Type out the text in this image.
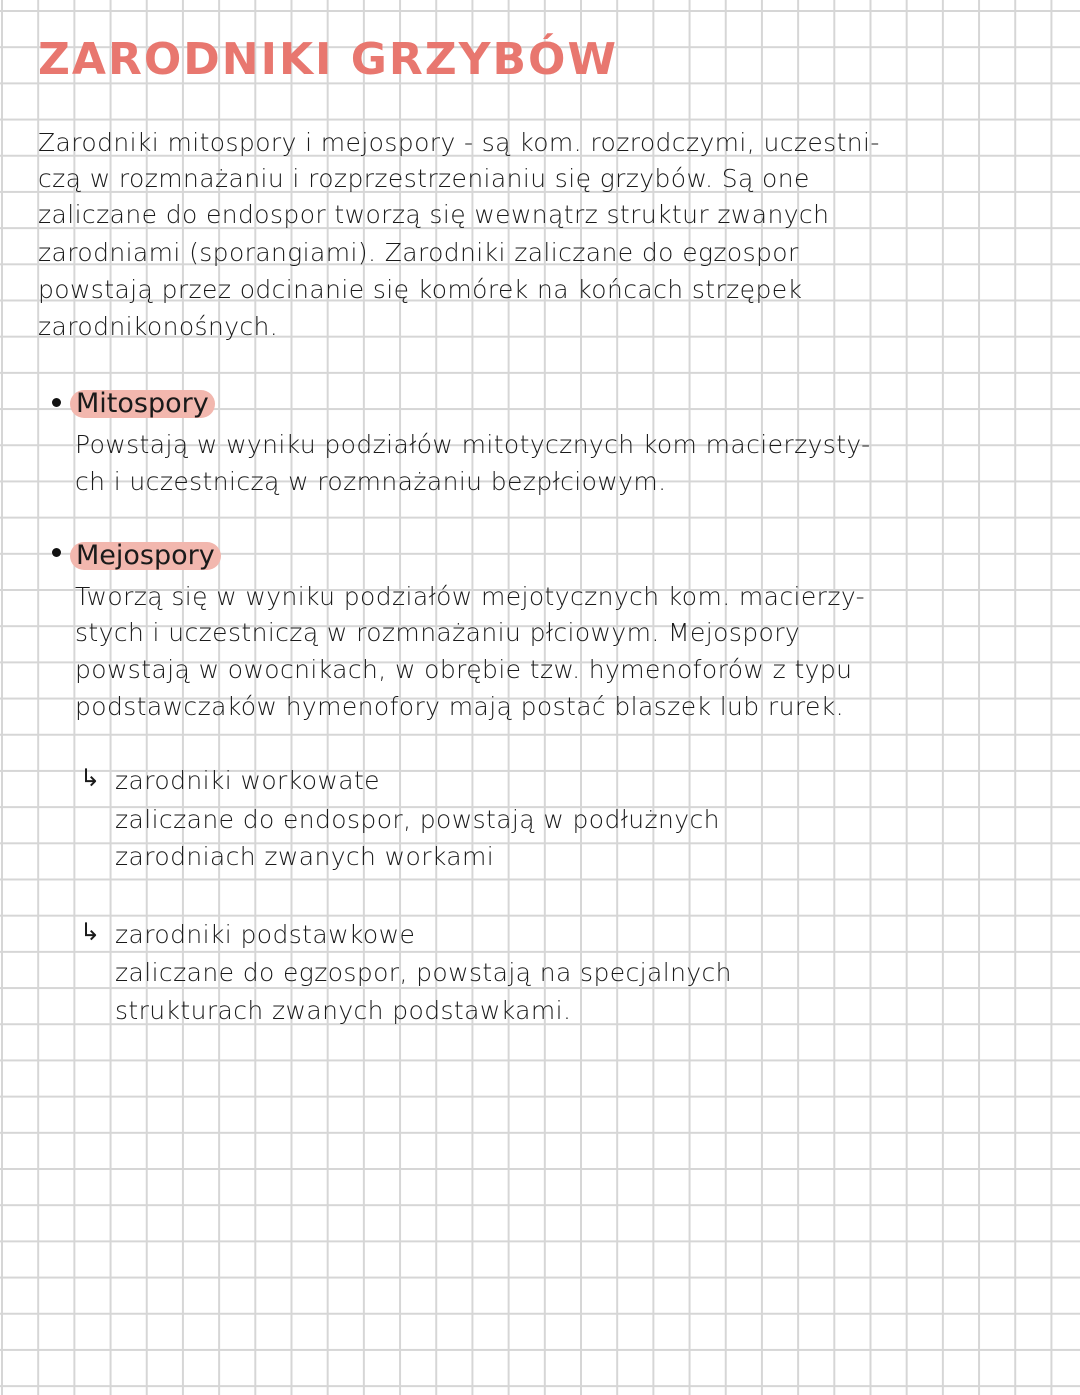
ZARODNIKI GRZYBÓW
Zarodniki mitospory i mejospory - są kom. rozrodczymi, uczestni-
czą w rozmnażaniu i rozprzestrzenianiu się grzybów. Są one
zaliczane do endospor tworzą się wewnątrz struktur zwanych
zarodniami (sporangiami). Zarodniki zaliczane do egzospor
powstają przez odcinanie się komórek na końcach strzępek
zarodnikonośnych.
Mitospory
Powstają w wyniku podziałów mitotycznych kom macierzysty-
ch i uczestniczą w rozmnażaniu bezpłciowym.
Mejospory
Tworzą się w wyniku podziałów mejotycznych kom. macierzy-
stych i uczestniczą w rozmnażaniu płciowym. Mejospory
powstają w owocnikach, w obrębie tzw. hymenoforów z typu
podstawczaków hymenofory mają postać blaszek lub rurek.
↳ zarodniki workowate
zaliczane do endospor, powstają w podłużnych
zarodniach zwanych workami
↳ zarodniki podstawkowe
zaliczane do egzospor, powstają na specjalnych
strukturach zwanych podstawkami.
